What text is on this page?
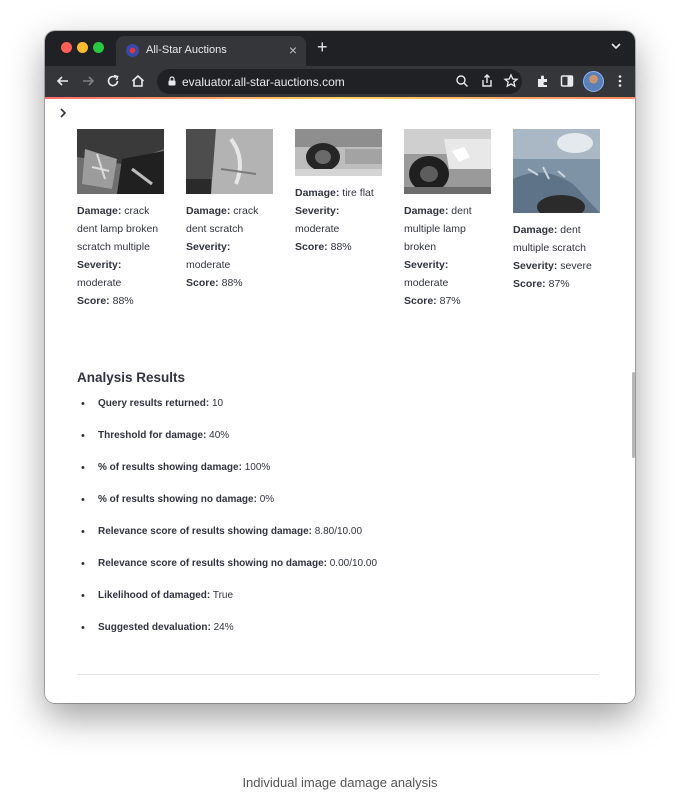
All-Star Auctions	× +
evaluator.all-star-auctions.com
Damage: crack dent lamp broken scratch multiple
Severity:
moderate
Score: 88%
Damage: crack dent scratch
Severity:
moderate
Score: 88%
Damage: tire flat
Severity:
moderate
Score: 88%
Damage: dent multiple lamp broken
Severity:
moderate
Score: 87%
Damage: dent multiple scratch
Severity: severe
Score: 87%
Analysis Results
• Query results returned: 10
• Threshold for damage: 40%
• % of results showing damage: 100%
• % of results showing no damage: 0%
• Relevance score of results showing damage: 8.80/10.00
• Relevance score of results showing no damage: 0.00/10.00
• Likelihood of damaged: True
• Suggested devaluation: 24%
Individual image damage analysis
